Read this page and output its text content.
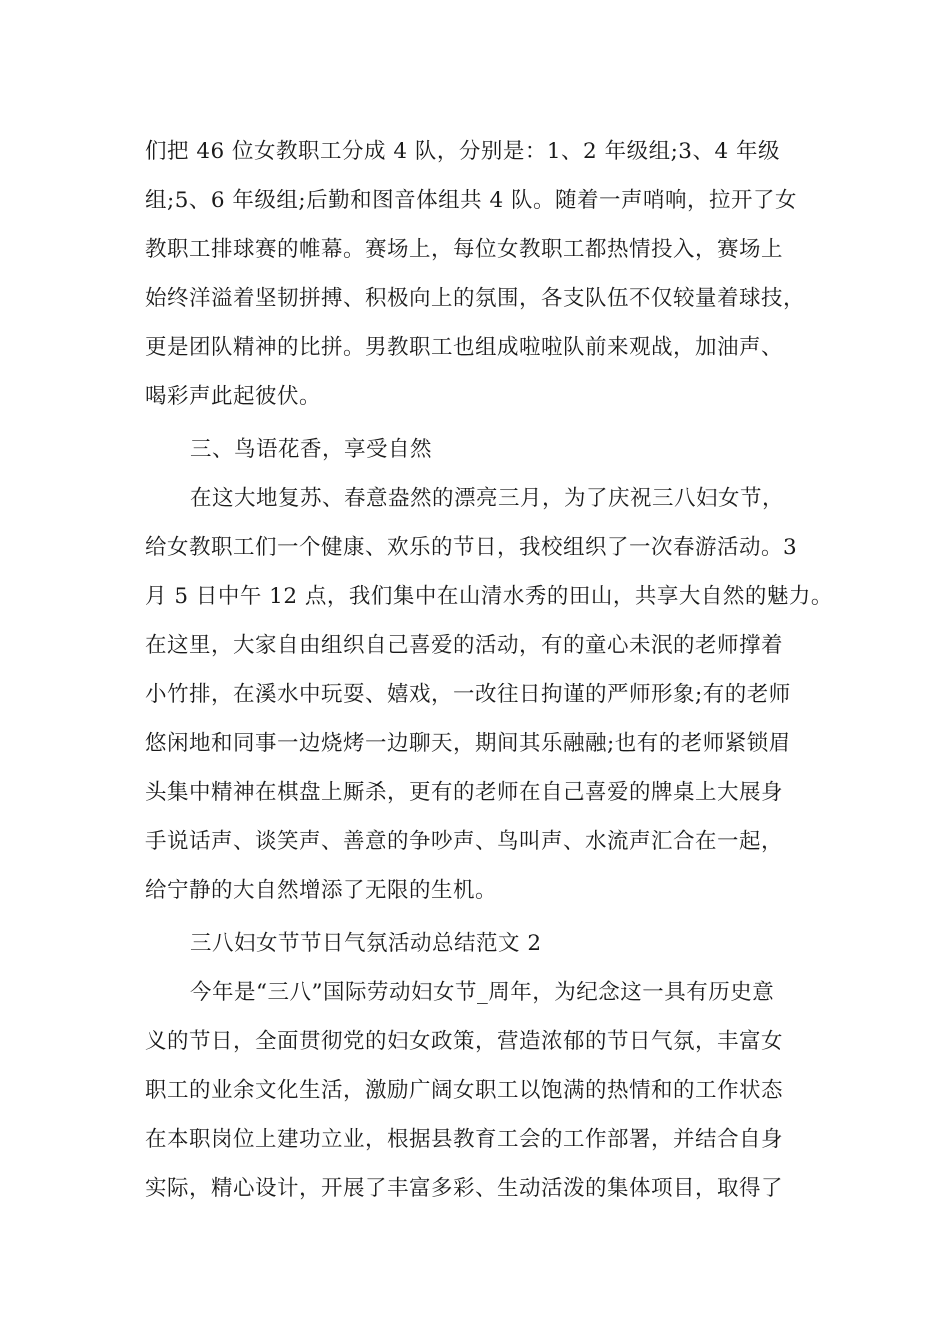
们把 46 位女教职工分成 4 队，分别是：1、2 年级组;3、4 年级
组;5、6 年级组;后勤和图音体组共 4 队。随着一声哨响，拉开了女
教职工排球赛的帷幕。赛场上，每位女教职工都热情投入，赛场上
始终洋溢着坚韧拼搏、积极向上的氛围，各支队伍不仅较量着球技，
更是团队精神的比拼。男教职工也组成啦啦队前来观战，加油声、
喝彩声此起彼伏。
三、鸟语花香，享受自然
在这大地复苏、春意盎然的漂亮三月，为了庆祝三八妇女节，
给女教职工们一个健康、欢乐的节日，我校组织了一次春游活动。3
月 5 日中午 12 点，我们集中在山清水秀的田山，共享大自然的魅力。
在这里，大家自由组织自己喜爱的活动，有的童心未泯的老师撑着
小竹排，在溪水中玩耍、嬉戏，一改往日拘谨的严师形象;有的老师
悠闲地和同事一边烧烤一边聊天，期间其乐融融;也有的老师紧锁眉
头集中精神在棋盘上厮杀，更有的老师在自己喜爱的牌桌上大展身
手说话声、谈笑声、善意的争吵声、鸟叫声、水流声汇合在一起，
给宁静的大自然增添了无限的生机。
三八妇女节节日气氛活动总结范文 2
今年是“三八”国际劳动妇女节_周年，为纪念这一具有历史意
义的节日，全面贯彻党的妇女政策，营造浓郁的节日气氛，丰富女
职工的业余文化生活，激励广阔女职工以饱满的热情和的工作状态
在本职岗位上建功立业，根据县教育工会的工作部署，并结合自身
实际，精心设计，开展了丰富多彩、生动活泼的集体项目，取得了
